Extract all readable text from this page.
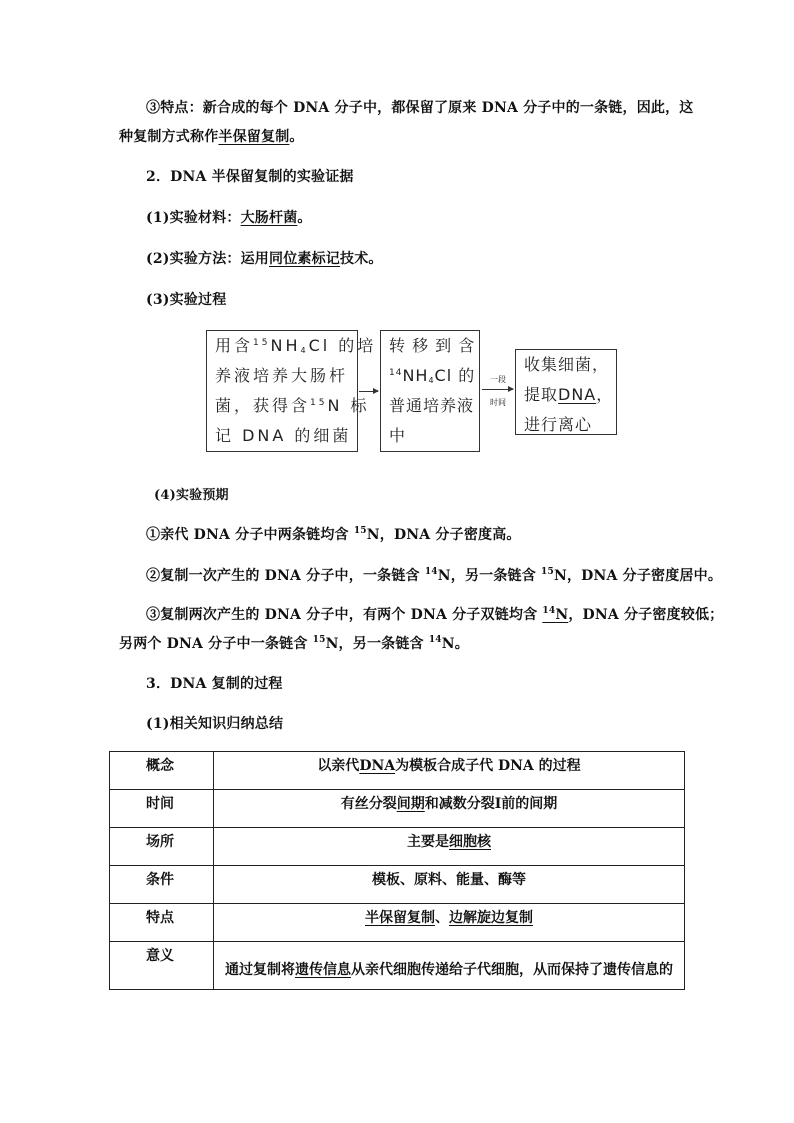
③特点：新合成的每个 DNA 分子中，都保留了原来 DNA 分子中的一条链，因此，这
种复制方式称作半保留复制。
2．DNA 半保留复制的实验证据
(1)实验材料：大肠杆菌。
(2)实验方法：运用同位素标记技术。
(3)实验过程
用含$^{15}NH_4Cl$ 的培
养液培养大肠杆
菌，获得含$^{15}$N 标
记 DNA 的细菌
转 移 到 含
$^{14}NH_4Cl$ 的
普通培养液
中
一段
时间
收集细菌，
提取DNA，
进行离心
(4)实验预期
①亲代 DNA 分子中两条链均含 $^{15}$N，DNA 分子密度高。
②复制一次产生的 DNA 分子中，一条链含 $^{14}$N，另一条链含 $^{15}$N，DNA 分子密度居中。
③复制两次产生的 DNA 分子中，有两个 DNA 分子双链均含 $^{14}$N，DNA 分子密度较低；
另两个 DNA 分子中一条链含 $^{15}$N，另一条链含 $^{14}$N。
3．DNA 复制的过程
(1)相关知识归纳总结
概念	以亲代DNA为模板合成子代 DNA 的过程
时间	有丝分裂间期和减数分裂Ⅰ前的间期
场所	主要是细胞核
条件	模板、原料、能量、酶等
特点	半保留复制、边解旋边复制
意义	通过复制将遗传信息从亲代细胞传递给子代细胞，从而保持了遗传信息的
